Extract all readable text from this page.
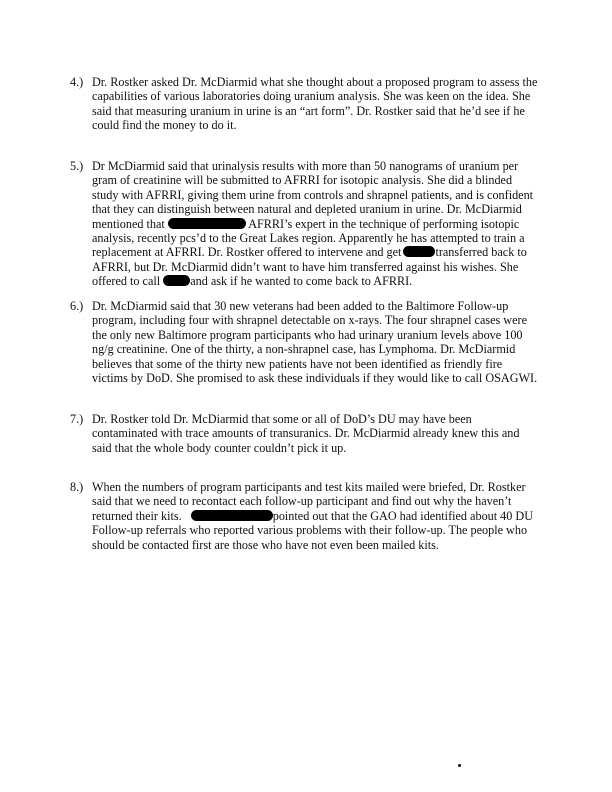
4.) Dr. Rostker asked Dr. McDiarmid what she thought about a proposed program to assess the
capabilities of various laboratories doing uranium analysis. She was keen on the idea. She
said that measuring uranium in urine is an “art form”. Dr. Rostker said that he’d see if he
could find the money to do it.
5.) Dr McDiarmid said that urinalysis results with more than 50 nanograms of uranium per
gram of creatinine will be submitted to AFRRI for isotopic analysis. She did a blinded
study with AFRRI, giving them urine from controls and shrapnel patients, and is confident
that they can distinguish between natural and depleted uranium in urine. Dr. McDiarmid
mentioned that	AFRRI’s expert in the technique of performing isotopic
analysis, recently pcs’d to the Great Lakes region. Apparently he has attempted to train a
replacement at AFRRI. Dr. Rostker offered to intervene and get	transferred back to
AFRRI, but Dr. McDiarmid didn’t want to have him transferred against his wishes. She
offered to call and ask if he wanted to come back to AFRRI.
6.) Dr. McDiarmid said that 30 new veterans had been added to the Baltimore Follow-up
program, including four with shrapnel detectable on x-rays. The four shrapnel cases were
the only new Baltimore program participants who had urinary uranium levels above 100
ng/g creatinine. One of the thirty, a non-shrapnel case, has Lymphoma. Dr. McDiarmid
believes that some of the thirty new patients have not been identified as friendly fire
victims by DoD. She promised to ask these individuals if they would like to call OSAGWI.
7.) Dr. Rostker told Dr. McDiarmid that some or all of DoD’s DU may have been
contaminated with trace amounts of transuranics. Dr. McDiarmid already knew this and
said that the whole body counter couldn’t pick it up.
8.) When the numbers of program participants and test kits mailed were briefed, Dr. Rostker
said that we need to recontact each follow-up participant and find out why the haven’t
returned their kits.	pointed out that the GAO had identified about 40 DU
Follow-up referrals who reported various problems with their follow-up. The people who
should be contacted first are those who have not even been mailed kits.
